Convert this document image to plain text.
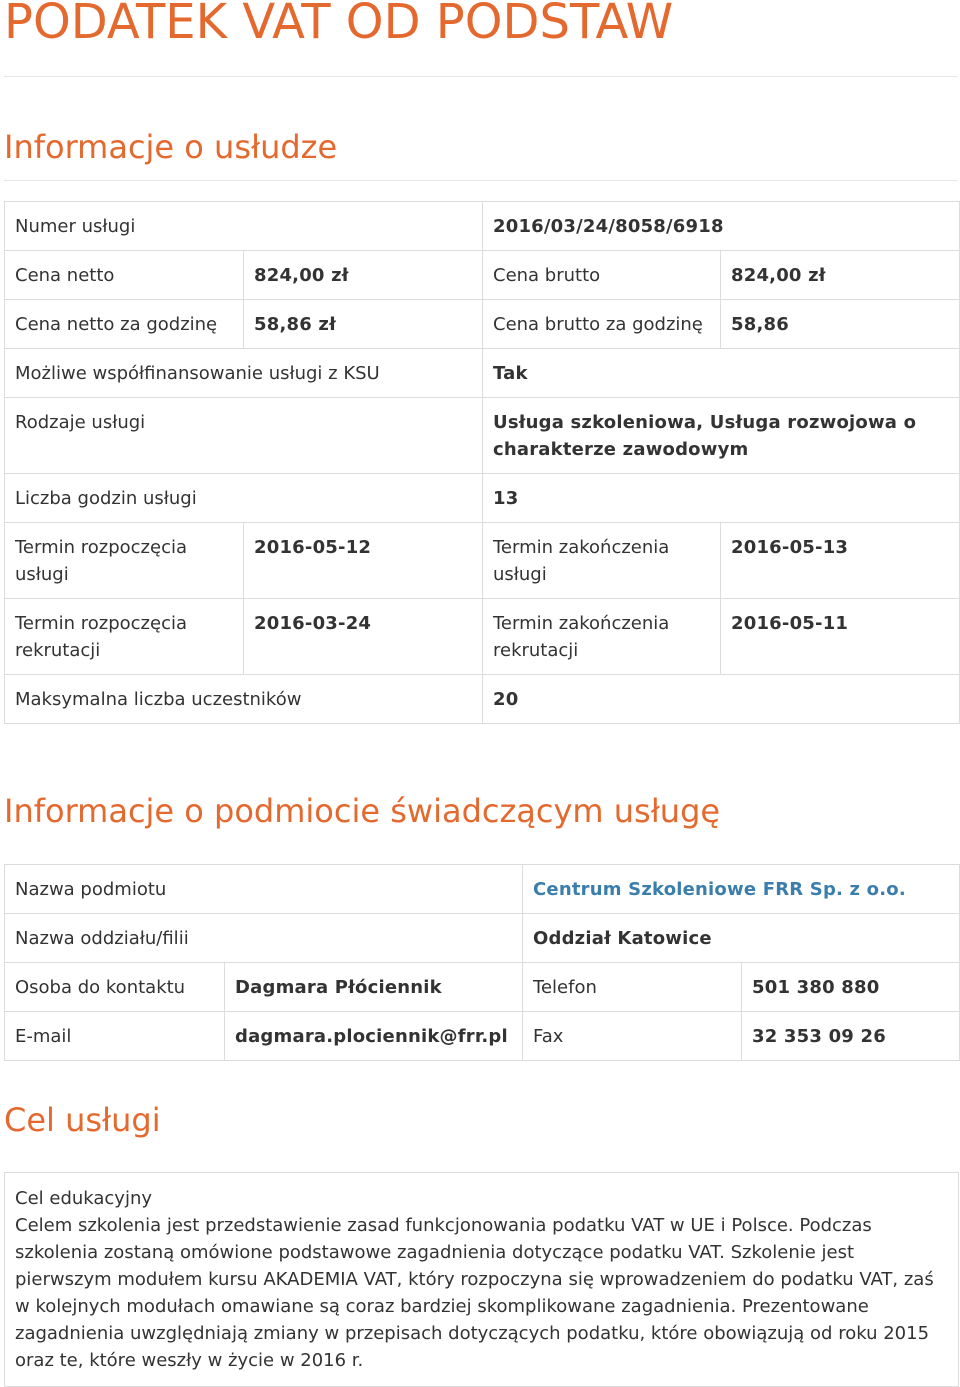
PODATEK VAT OD PODSTAW
Informacje o usłudze
Numer usługi		2016/03/24/8058/6918	
Cena netto	824,00 zł	Cena brutto	824,00 zł
Cena netto za godzinę	58,86 zł	Cena brutto za godzinę	58,86
Możliwe współfinansowanie usługi z KSU		Tak	
Rodzaje usługi		Usługa szkoleniowa, Usługa rozwojowa o charakterze zawodowym	
Liczba godzin usługi		13	
Termin rozpoczęcia usługi	2016-05-12	Termin zakończenia usługi	2016-05-13
Termin rozpoczęcia rekrutacji	2016-03-24	Termin zakończenia rekrutacji	2016-05-11
Maksymalna liczba uczestników		20	
Informacje o podmiocie świadczącym usługę
Nazwa podmiotu		Centrum Szkoleniowe FRR Sp. z o.o.	
Nazwa oddziału/filii		Oddział Katowice	
Osoba do kontaktu	Dagmara Płóciennik	Telefon	501 380 880
E-mail	dagmara.plociennik@frr.pl	Fax	32 353 09 26
Cel usługi

Cel edukacyjny

Celem szkolenia jest przedstawienie zasad funkcjonowania podatku VAT w UE i Polsce. Podczas szkolenia zostaną omówione podstawowe zagadnienia dotyczące podatku VAT. Szkolenie jest pierwszym modułem kursu AKADEMIA VAT, który rozpoczyna się wprowadzeniem do podatku VAT, zaś w kolejnych modułach omawiane są coraz bardziej skomplikowane zagadnienia. Prezentowane zagadnienia uwzględniają zmiany w przepisach dotyczących podatku, które obowiązują od roku 2015 oraz te, które weszły w życie w 2016 r.
